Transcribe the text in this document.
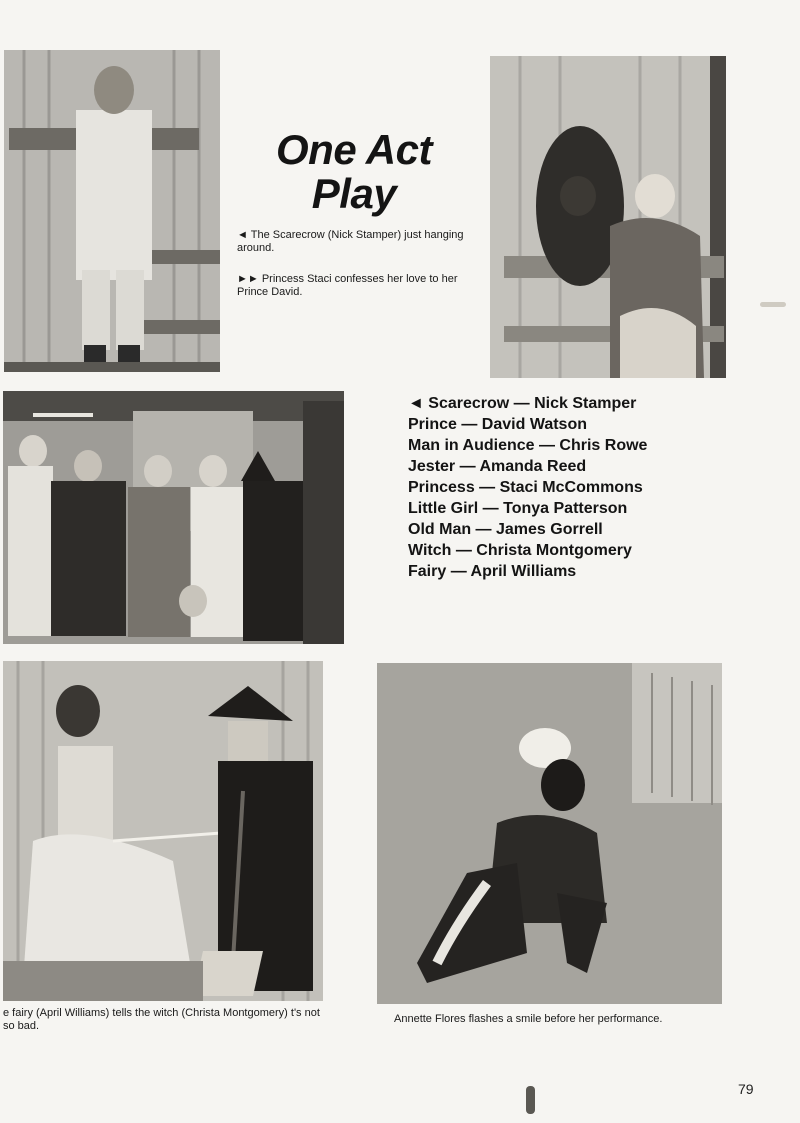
One Act
Play
◄ The Scarecrow (Nick Stamper) just hanging around.
►► Princess Staci confesses her love to her Prince David.
◄ Scarecrow — Nick Stamper
Prince — David Watson
Man in Audience — Chris Rowe
Jester — Amanda Reed
Princess — Staci McCommons
Little Girl — Tonya Patterson
Old Man — James Gorrell
Witch — Christa Montgomery
Fairy — April Williams
e fairy (April Williams) tells the witch (Christa Montgomery) t's not so bad.
Annette Flores flashes a smile before her performance.
79
